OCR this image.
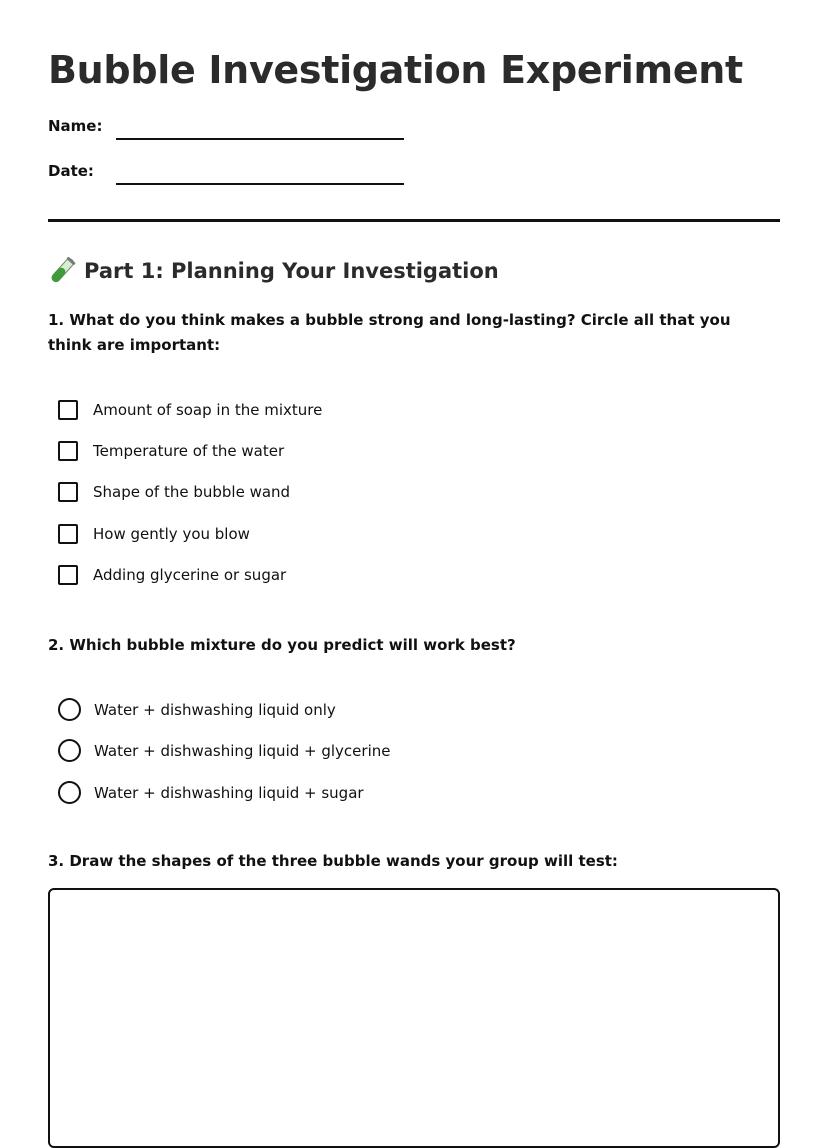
Bubble Investigation Experiment
Name:
Date:
Part 1: Planning Your Investigation

1. What do you think makes a bubble strong and long-lasting? Circle all that you think are important:

Amount of soap in the mixture
Temperature of the water
Shape of the bubble wand
How gently you blow
Adding glycerine or sugar

2. Which bubble mixture do you predict will work best?

Water + dishwashing liquid only
Water + dishwashing liquid + glycerine
Water + dishwashing liquid + sugar

3. Draw the shapes of the three bubble wands your group will test:
